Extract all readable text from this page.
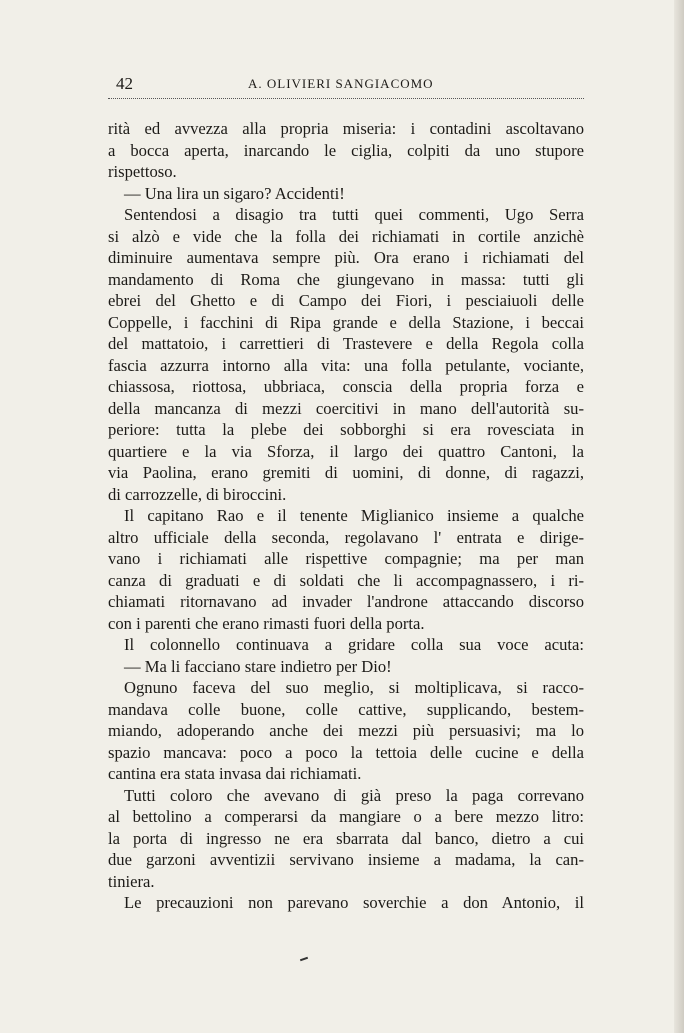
42	A. OLIVIERI SANGIACOMO
rità ed avvezza alla propria miseria: i contadini ascoltavano
a bocca aperta, inarcando le ciglia, colpiti da uno stupore
rispettoso.
— Una lira un sigaro? Accidenti!
Sentendosi a disagio tra tutti quei commenti, Ugo Serra
si alzò e vide che la folla dei richiamati in cortile anzichè
diminuire aumentava sempre più. Ora erano i richiamati del
mandamento di Roma che giungevano in massa: tutti gli
ebrei del Ghetto e di Campo dei Fiori, i pesciaiuoli delle
Coppelle, i facchini di Ripa grande e della Stazione, i beccai
del mattatoio, i carrettieri di Trastevere e della Regola colla
fascia azzurra intorno alla vita: una folla petulante, vociante,
chiassosa, riottosa, ubbriaca, conscia della propria forza e
della mancanza di mezzi coercitivi in mano dell'autorità su-
periore: tutta la plebe dei sobborghi si era rovesciata in
quartiere e la via Sforza, il largo dei quattro Cantoni, la
via Paolina, erano gremiti di uomini, di donne, di ragazzi,
di carrozzelle, di biroccini.
Il capitano Rao e il tenente Miglianico insieme a qualche
altro ufficiale della seconda, regolavano l' entrata e dirige-
vano i richiamati alle rispettive compagnie; ma per man
canza di graduati e di soldati che li accompagnassero, i ri-
chiamati ritornavano ad invader l'androne attaccando discorso
con i parenti che erano rimasti fuori della porta.
Il colonnello continuava a gridare colla sua voce acuta:
— Ma li facciano stare indietro per Dio!
Ognuno faceva del suo meglio, si moltiplicava, si racco-
mandava colle buone, colle cattive, supplicando, bestem-
miando, adoperando anche dei mezzi più persuasivi; ma lo
spazio mancava: poco a poco la tettoia delle cucine e della
cantina era stata invasa dai richiamati.
Tutti coloro che avevano di già preso la paga correvano
al bettolino a comperarsi da mangiare o a bere mezzo litro:
la porta di ingresso ne era sbarrata dal banco, dietro a cui
due garzoni avventizii servivano insieme a madama, la can-
tiniera.
Le precauzioni non parevano soverchie a don Antonio, il
